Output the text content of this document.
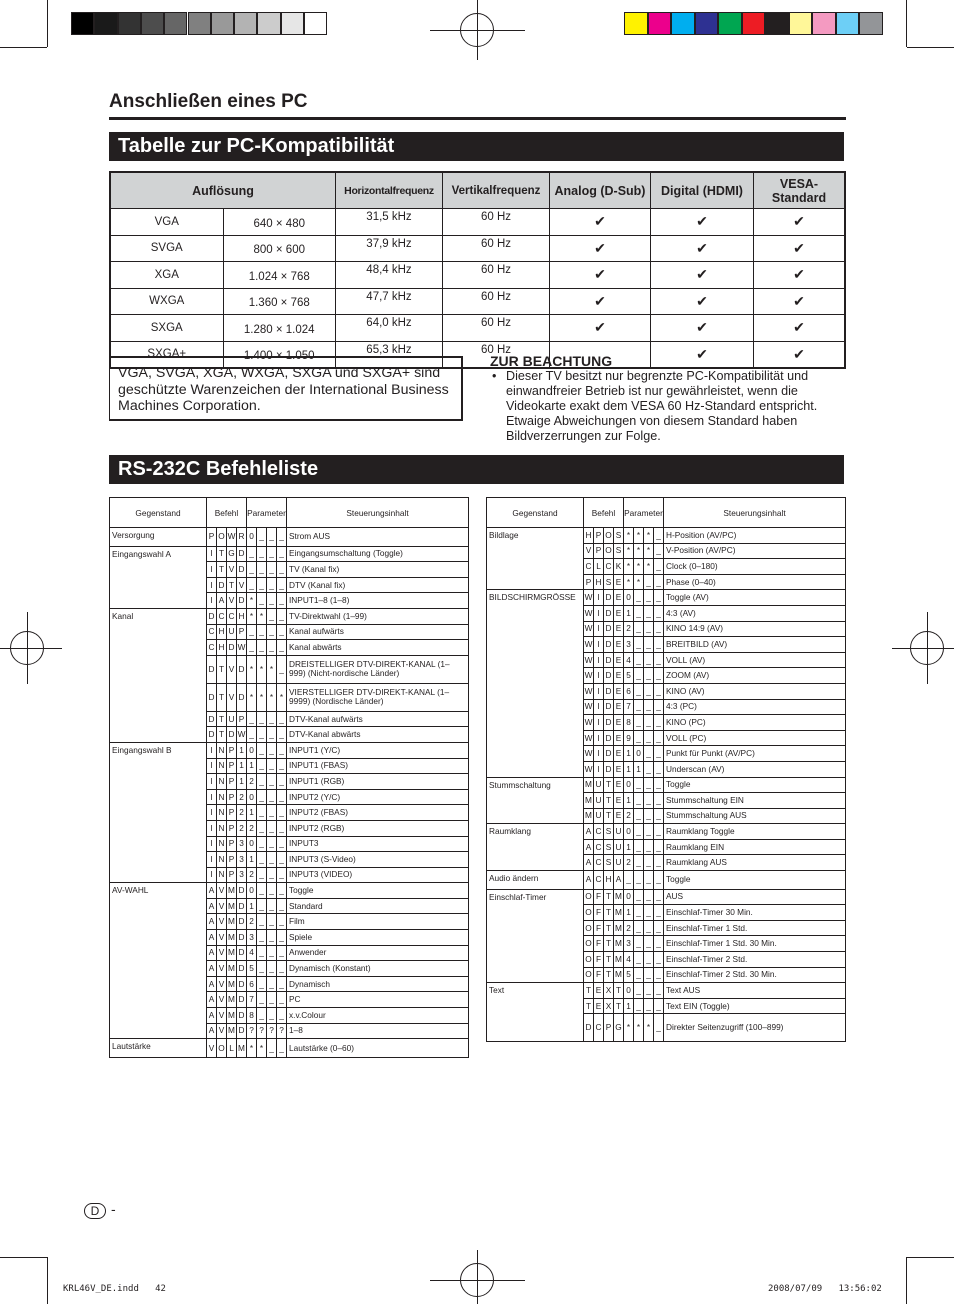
Anschließen eines PC
Tabelle zur PC-Kompatibilität
Auflösung		Horizontalfrequenz	Vertikalfrequenz	Analog (D-Sub)	Digital (HDMI)	VESA-Standard
VGA	640 × 480	31,5 kHz	60 Hz	✔	✔	✔
SVGA	800 × 600	37,9 kHz	60 Hz	✔	✔	✔
XGA	1.024 × 768	48,4 kHz	60 Hz	✔	✔	✔
WXGA	1.360 × 768	47,7 kHz	60 Hz	✔	✔	✔
SXGA	1.280 × 1.024	64,0 kHz	60 Hz	✔	✔	✔
SXGA+	1.400 × 1.050	65,3 kHz	60 Hz		✔	✔
VGA, SVGA, XGA, WXGA, SXGA und SXGA+ sind geschützte Warenzeichen der International Business Machines Corporation.
ZUR BEACHTUNG
• Dieser TV besitzt nur begrenzte PC-Kompatibilität und einwandfreier Betrieb ist nur gewährleistet, wenn die Videokarte exakt dem VESA 60 Hz-Standard entspricht. Etwaige Abweichungen von diesem Standard haben Bildverzerrungen zur Folge.
RS-232C Befehleliste
Gegenstand	Befehl				Parameter				Steuerungsinhalt
Versorgung	P	O	W	R	0	_	_	_	Strom AUS
Eingangswahl A	I	T	G	D	_	_	_	_	Eingangsumschaltung (Toggle)
	I	T	V	D	_	_	_	_	TV (Kanal fix)
	I	D	T	V	_	_	_	_	DTV (Kanal fix)
	I	A	V	D	*	_	_	_	INPUT1–8 (1–8)
Kanal	D	C	C	H	*	*	_	_	TV-Direktwahl (1–99)
	C	H	U	P	_	_	_	_	Kanal aufwärts
	C	H	D	W	_	_	_	_	Kanal abwärts
	D	T	V	D	*	*	*	_	DREISTELLIGER DTV-DIREKT-KANAL (1–999) (Nicht-nordische Länder)
	D	T	V	D	*	*	*	*	VIERSTELLIGER DTV-DIREKT-KANAL (1–9999) (Nordische Länder)
	D	T	U	P	_	_	_	_	DTV-Kanal aufwärts
	D	T	D	W	_	_	_	_	DTV-Kanal abwärts
Eingangswahl B	I	N	P	1	0	_	_	_	INPUT1 (Y/C)
	I	N	P	1	1	_	_	_	INPUT1 (FBAS)
	I	N	P	1	2	_	_	_	INPUT1 (RGB)
	I	N	P	2	0	_	_	_	INPUT2 (Y/C)
	I	N	P	2	1	_	_	_	INPUT2 (FBAS)
	I	N	P	2	2	_	_	_	INPUT2 (RGB)
	I	N	P	3	0	_	_	_	INPUT3
	I	N	P	3	1	_	_	_	INPUT3 (S-Video)
	I	N	P	3	2	_	_	_	INPUT3 (VIDEO)
AV-WAHL	A	V	M	D	0	_	_	_	Toggle
	A	V	M	D	1	_	_	_	Standard
	A	V	M	D	2	_	_	_	Film
	A	V	M	D	3	_	_	_	Spiele
	A	V	M	D	4	_	_	_	Anwender
	A	V	M	D	5	_	_	_	Dynamisch (Konstant)
	A	V	M	D	6	_	_	_	Dynamisch
	A	V	M	D	7	_	_	_	PC
	A	V	M	D	8	_	_	_	x.v.Colour
	A	V	M	D	?	?	?	?	1–8
Lautstärke	V	O	L	M	*	*	_	_	Lautstärke (0–60)
Gegenstand	Befehl				Parameter				Steuerungsinhalt
Bildlage	H	P	O	S	*	*	*	_	H-Position (AV/PC)
	V	P	O	S	*	*	*	_	V-Position (AV/PC)
	C	L	C	K	*	*	*	_	Clock (0–180)
	P	H	S	E	*	*	_	_	Phase (0–40)
BILDSCHIRMGRÖSSE	W	I	D	E	0	_	_	_	Toggle (AV)
	W	I	D	E	1	_	_	_	4:3 (AV)
	W	I	D	E	2	_	_	_	KINO 14:9 (AV)
	W	I	D	E	3	_	_	_	BREITBILD (AV)
	W	I	D	E	4	_	_	_	VOLL (AV)
	W	I	D	E	5	_	_	_	ZOOM (AV)
	W	I	D	E	6	_	_	_	KINO (AV)
	W	I	D	E	7	_	_	_	4:3 (PC)
	W	I	D	E	8	_	_	_	KINO (PC)
	W	I	D	E	9	_	_	_	VOLL (PC)
	W	I	D	E	1	0	_	_	Punkt für Punkt (AV/PC)
	W	I	D	E	1	1	_	_	Underscan (AV)
Stummschaltung	M	U	T	E	0	_	_	_	Toggle
	M	U	T	E	1	_	_	_	Stummschaltung EIN
	M	U	T	E	2	_	_	_	Stummschaltung AUS
Raumklang	A	C	S	U	0	_	_	_	Raumklang Toggle
	A	C	S	U	1	_	_	_	Raumklang EIN
	A	C	S	U	2	_	_	_	Raumklang AUS
Audio ändern	A	C	H	A	_	_	_	_	Toggle
Einschlaf-Timer	O	F	T	M	0	_	_	_	AUS
	O	F	T	M	1	_	_	_	Einschlaf-Timer 30 Min.
	O	F	T	M	2	_	_	_	Einschlaf-Timer 1 Std.
	O	F	T	M	3	_	_	_	Einschlaf-Timer 1 Std. 30 Min.
	O	F	T	M	4	_	_	_	Einschlaf-Timer 2 Std.
	O	F	T	M	5	_	_	_	Einschlaf-Timer 2 Std. 30 Min.
Text	T	E	X	T	0	_	_	_	Text AUS
	T	E	X	T	1	_	_	_	Text EIN (Toggle)
	D	C	P	G	*	*	*	_	Direkter Seitenzugriff (100–899)
D -
KRL46V_DE.indd   42	2008/07/09   13:56:02
